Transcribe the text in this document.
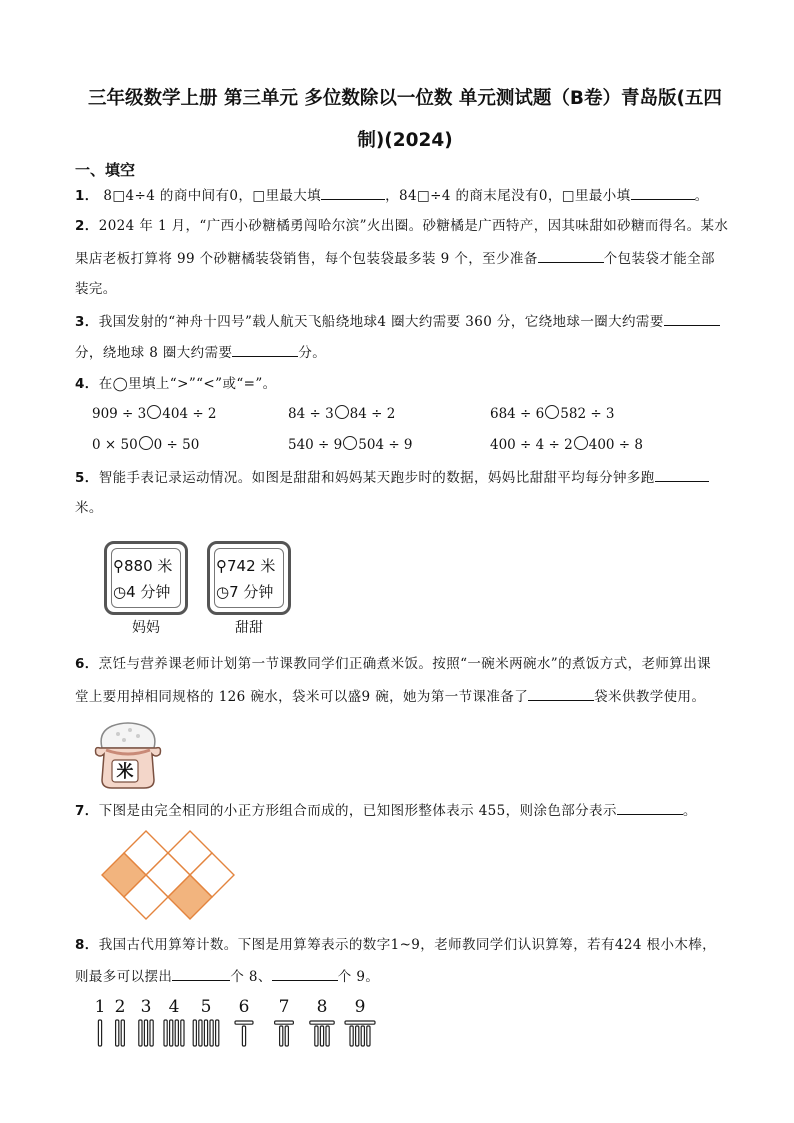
三年级数学上册 第三单元 多位数除以一位数 单元测试题（B卷）青岛版(五四
制)(2024)
一、填空
1． 8□4÷4 的商中间有0，□里最大填	，84□÷4 的商末尾没有0，□里最小填	。
2．2024 年 1 月，“广西小砂糖橘勇闯哈尔滨”火出圈。砂糖橘是广西特产，因其味甜如砂糖而得名。某水
果店老板打算将 99 个砂糖橘装袋销售，每个包装袋最多装 9 个，至少准备	个包装袋才能全部
装完。
3．我国发射的“神舟十四号”载人航天飞船绕地球4 圈大约需要 360 分，它绕地球一圈大约需要
分，绕地球 8 圈大约需要	分。
4．在◯里填上“>”“<”或“=”。
909 ÷ 3 404 ÷ 2	84 ÷ 3 84 ÷ 2	684 ÷ 6 582 ÷ 3
0 × 50 0 ÷ 50	540 ÷ 9 504 ÷ 9	400 ÷ 4 ÷ 2 400 ÷ 8
5．智能手表记录运动情况。如图是甜甜和妈妈某天跑步时的数据，妈妈比甜甜平均每分钟多跑
米。
⚲880 米
◷4 分钟
妈妈
⚲742 米
◷7 分钟
甜甜
6．烹饪与营养课老师计划第一节课教同学们正确煮米饭。按照“一碗米两碗水”的煮饭方式，老师算出课
堂上要用掉相同规格的 126 碗水，袋米可以盛9 碗，她为第一节课准备了	袋米供教学使用。
米
7．下图是由完全相同的小正方形组合而成的，已知图形整体表示 455，则涂色部分表示	。
8．我国古代用算筹计数。下图是用算筹表示的数字1~9，老师教同学们认识算筹，若有424 根小木棒，
则最多可以摆出	个 8、	个 9。
1 2 3 4 5 6 7 8 9
